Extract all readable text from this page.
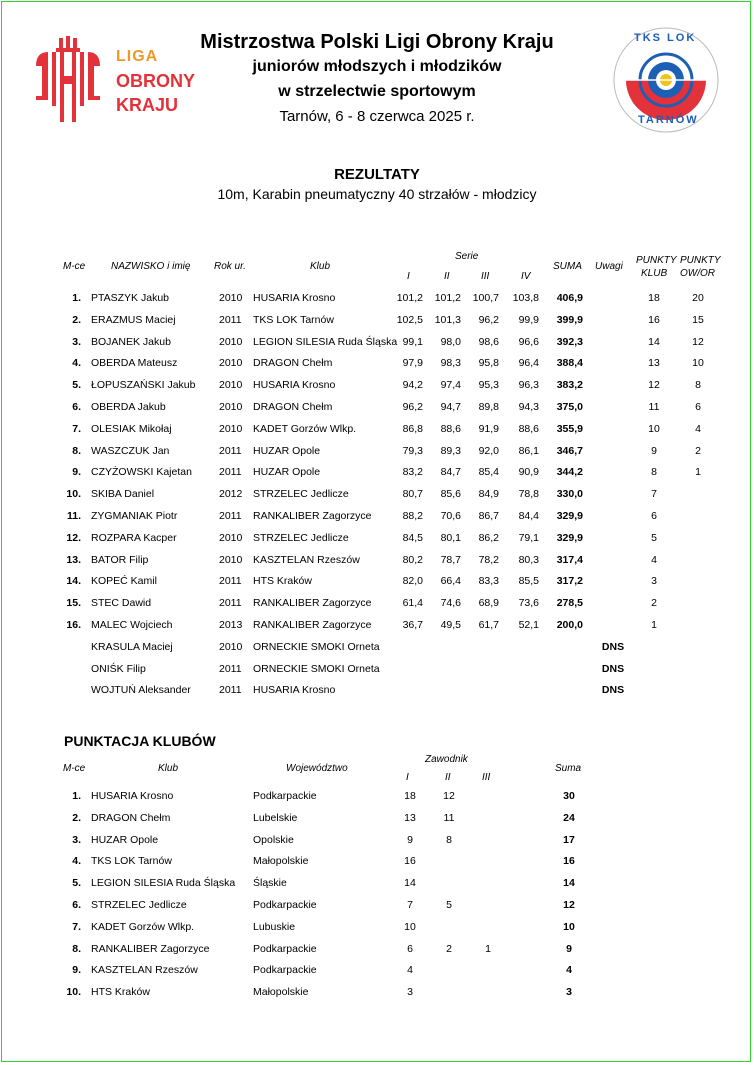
LIGA
OBRONY
KRAJU
TKS LOK
TARNÓW
Mistrzostwa Polski Ligi Obrony Kraju
juniorów młodszych i młodzików
w strzelectwie sportowym
Tarnów, 6 - 8 czerwca 2025 r.
REZULTATY
10m, Karabin pneumatyczny 40 strzałów - młodzicy
M-ce	NAZWISKO i imię Rok ur.	Klub
Serie
I	II	III	IV
SUMA Uwagi
PUNKTY
KLUB
PUNKTY
OW/OR
1. PTASZYK Jakub	2010	HUSARIA Krosno	101,2	101,2	100,7	103,8	406,9	18	20
2. ERAZMUS Maciej	2011	TKS LOK Tarnów	102,5	101,3	96,2	99,9	399,9	16	15
3. BOJANEK Jakub	2010	LEGION SILESIA Ruda Śląska 99,1	98,0	98,6	96,6	392,3	14	12
4. OBERDA Mateusz	2010	DRAGON Chełm	97,9	98,3	95,8	96,4	388,4	13	10
5. ŁOPUSZAŃSKI Jakub	2010	HUSARIA Krosno	94,2	97,4	95,3	96,3	383,2	12	8
6. OBERDA Jakub	2010	DRAGON Chełm	96,2	94,7	89,8	94,3	375,0	11	6
7. OLESIAK Mikołaj	2010	KADET Gorzów Wlkp.	86,8	88,6	91,9	88,6	355,9	10	4
8. WASZCZUK Jan	2011	HUZAR Opole	79,3	89,3	92,0	86,1	346,7	9	2
9. CZYŻOWSKI Kajetan	2011	HUZAR Opole	83,2	84,7	85,4	90,9	344,2	8	1
10. SKIBA Daniel	2012	STRZELEC Jedlicze	80,7	85,6	84,9	78,8	330,0	7
11. ZYGMANIAK Piotr	2011	RANKALIBER Zagorzyce	88,2	70,6	86,7	84,4	329,9	6
12. ROZPARA Kacper	2010	STRZELEC Jedlicze	84,5	80,1	86,2	79,1	329,9	5
13. BATOR Filip	2010	KASZTELAN Rzeszów	80,2	78,7	78,2	80,3	317,4	4
14. KOPEĆ Kamil	2011	HTS Kraków	82,0	66,4	83,3	85,5	317,2	3
15. STEC Dawid	2011	RANKALIBER Zagorzyce	61,4	74,6	68,9	73,6	278,5	2
16. MALEC Wojciech	2013	RANKALIBER Zagorzyce	36,7	49,5	61,7	52,1	200,0	1
KRASULA Maciej	2010	ORNECKIE SMOKI Orneta	DNS
ONIŚK Filip	2011	ORNECKIE SMOKI Orneta	DNS
WOJTUŃ Aleksander	2011	HUSARIA Krosno	DNS
PUNKTACJA KLUBÓW
M-ce	Klub	Województwo
Zawodnik
I	II	III
Suma
1. HUSARIA Krosno	Podkarpackie	18	12	30
2. DRAGON Chełm	Lubelskie	13	11	24
3. HUZAR Opole	Opolskie	9	8	17
4. TKS LOK Tarnów	Małopolskie	16	16
5. LEGION SILESIA Ruda Śląska	Śląskie	14	14
6. STRZELEC Jedlicze	Podkarpackie	7	5	12
7. KADET Gorzów Wlkp.	Lubuskie	10	10
8. RANKALIBER Zagorzyce	Podkarpackie	6	2	1	9
9. KASZTELAN Rzeszów	Podkarpackie	4	4
10. HTS Kraków	Małopolskie	3	3
